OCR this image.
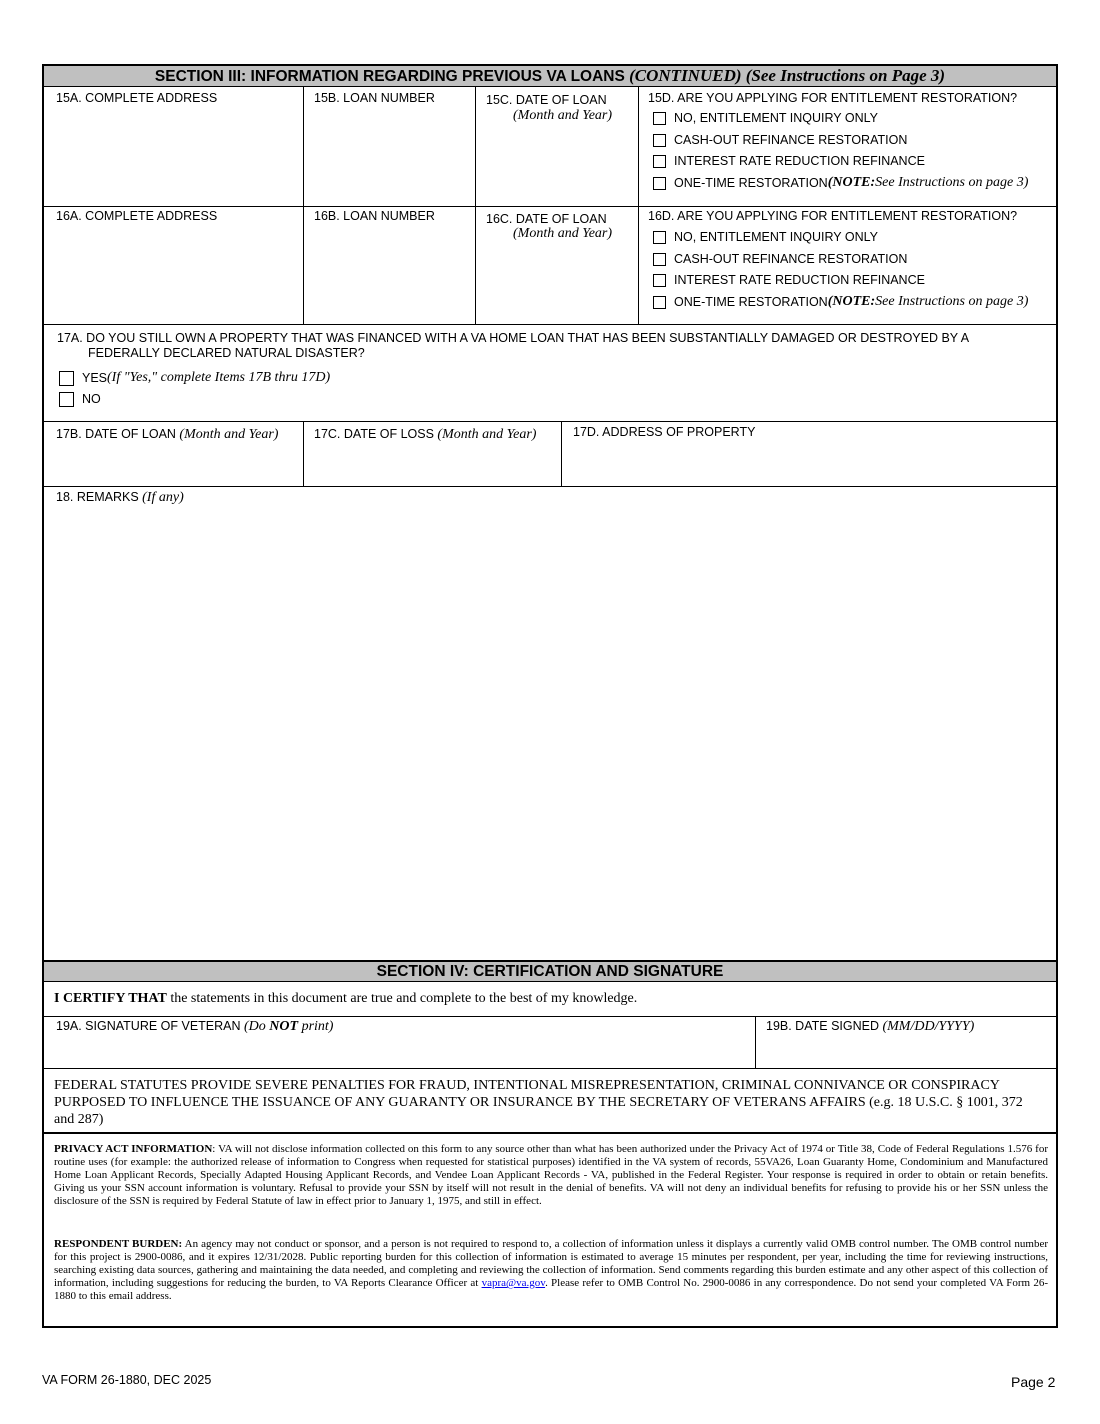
SECTION III: INFORMATION REGARDING PREVIOUS VA LOANS (CONTINUED) (See Instructions on Page 3)
15A. COMPLETE ADDRESS	15B. LOAN NUMBER	15C. DATE OF LOAN
(Month and Year)
15D. ARE YOU APPLYING FOR ENTITLEMENT RESTORATION?
NO, ENTITLEMENT INQUIRY ONLY
CASH-OUT REFINANCE RESTORATION
INTEREST RATE REDUCTION REFINANCE
ONE-TIME RESTORATION (NOTE: See Instructions on page 3)
16A. COMPLETE ADDRESS	16B. LOAN NUMBER	16C. DATE OF LOAN
(Month and Year)
16D. ARE YOU APPLYING FOR ENTITLEMENT RESTORATION?
NO, ENTITLEMENT INQUIRY ONLY
CASH-OUT REFINANCE RESTORATION
INTEREST RATE REDUCTION REFINANCE
ONE-TIME RESTORATION (NOTE: See Instructions on page 3)
17A. DO YOU STILL OWN A PROPERTY THAT WAS FINANCED WITH A VA HOME LOAN THAT HAS BEEN SUBSTANTIALLY DAMAGED OR DESTROYED BY A
FEDERALLY DECLARED NATURAL DISASTER?
YES (If "Yes," complete Items 17B thru 17D)
NO
17B. DATE OF LOAN (Month and Year)	17C. DATE OF LOSS (Month and Year)	17D. ADDRESS OF PROPERTY
18. REMARKS (If any)
SECTION IV: CERTIFICATION AND SIGNATURE
I CERTIFY THAT the statements in this document are true and complete to the best of my knowledge.
19A. SIGNATURE OF VETERAN (Do NOT print)	19B. DATE SIGNED (MM/DD/YYYY)
FEDERAL STATUTES PROVIDE SEVERE PENALTIES FOR FRAUD, INTENTIONAL MISREPRESENTATION, CRIMINAL CONNIVANCE OR CONSPIRACY PURPOSED TO INFLUENCE THE ISSUANCE OF ANY GUARANTY OR INSURANCE BY THE SECRETARY OF VETERANS AFFAIRS (e.g. 18 U.S.C. § 1001, 372 and 287)
PRIVACY ACT INFORMATION: VA will not disclose information collected on this form to any source other than what has been authorized under the Privacy Act of 1974 or Title 38, Code of Federal Regulations 1.576 for routine uses (for example: the authorized release of information to Congress when requested for statistical purposes) identified in the VA system of records, 55VA26, Loan Guaranty Home, Condominium and Manufactured Home Loan Applicant Records, Specially Adapted Housing Applicant Records, and Vendee Loan Applicant Records - VA, published in the Federal Register. Your response is required in order to obtain or retain benefits. Giving us your SSN account information is voluntary. Refusal to provide your SSN by itself will not result in the denial of benefits. VA will not deny an individual benefits for refusing to provide his or her SSN unless the disclosure of the SSN is required by Federal Statute of law in effect prior to January 1, 1975, and still in effect.
RESPONDENT BURDEN: An agency may not conduct or sponsor, and a person is not required to respond to, a collection of information unless it displays a currently valid OMB control number. The OMB control number for this project is 2900-0086, and it expires 12/31/2028. Public reporting burden for this collection of information is estimated to average 15 minutes per respondent, per year, including the time for reviewing instructions, searching existing data sources, gathering and maintaining the data needed, and completing and reviewing the collection of information. Send comments regarding this burden estimate and any other aspect of this collection of information, including suggestions for reducing the burden, to VA Reports Clearance Officer at vapra@va.gov. Please refer to OMB Control No. 2900-0086 in any correspondence. Do not send your completed VA Form 26-1880 to this email address.
VA FORM 26-1880, DEC 2025	Page 2
